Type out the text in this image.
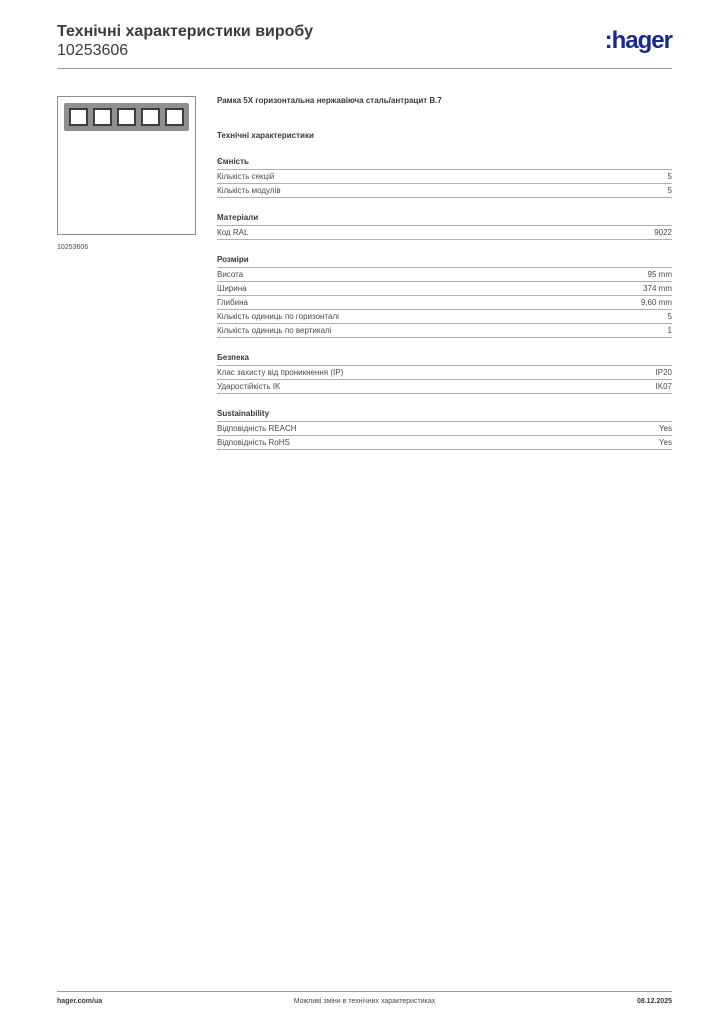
Технічні характеристики виробу
10253606	:hager
10253606
Рамка 5X горизонтальна нержавіюча сталь/антрацит B.7
Технічні характеристики
Ємність
Кількість секцій	5
Кількість модулів	5
Матеріали
Код RAL	9022
Розміри
Висота	95 mm
Ширина	374 mm
Глибина	9,60 mm
Кількість одиниць по горизонталі	5
Кількість одиниць по вертикалі	1
Безпека
Клас захисту від проникнення (IP)	IP20
Ударостійкість IK	IK07
Sustainability
Відповідність REACH	Yes
Відповідність RoHS	Yes
hager.com/ua	Можливі зміни в технічних характеристиках	08.12.2025
